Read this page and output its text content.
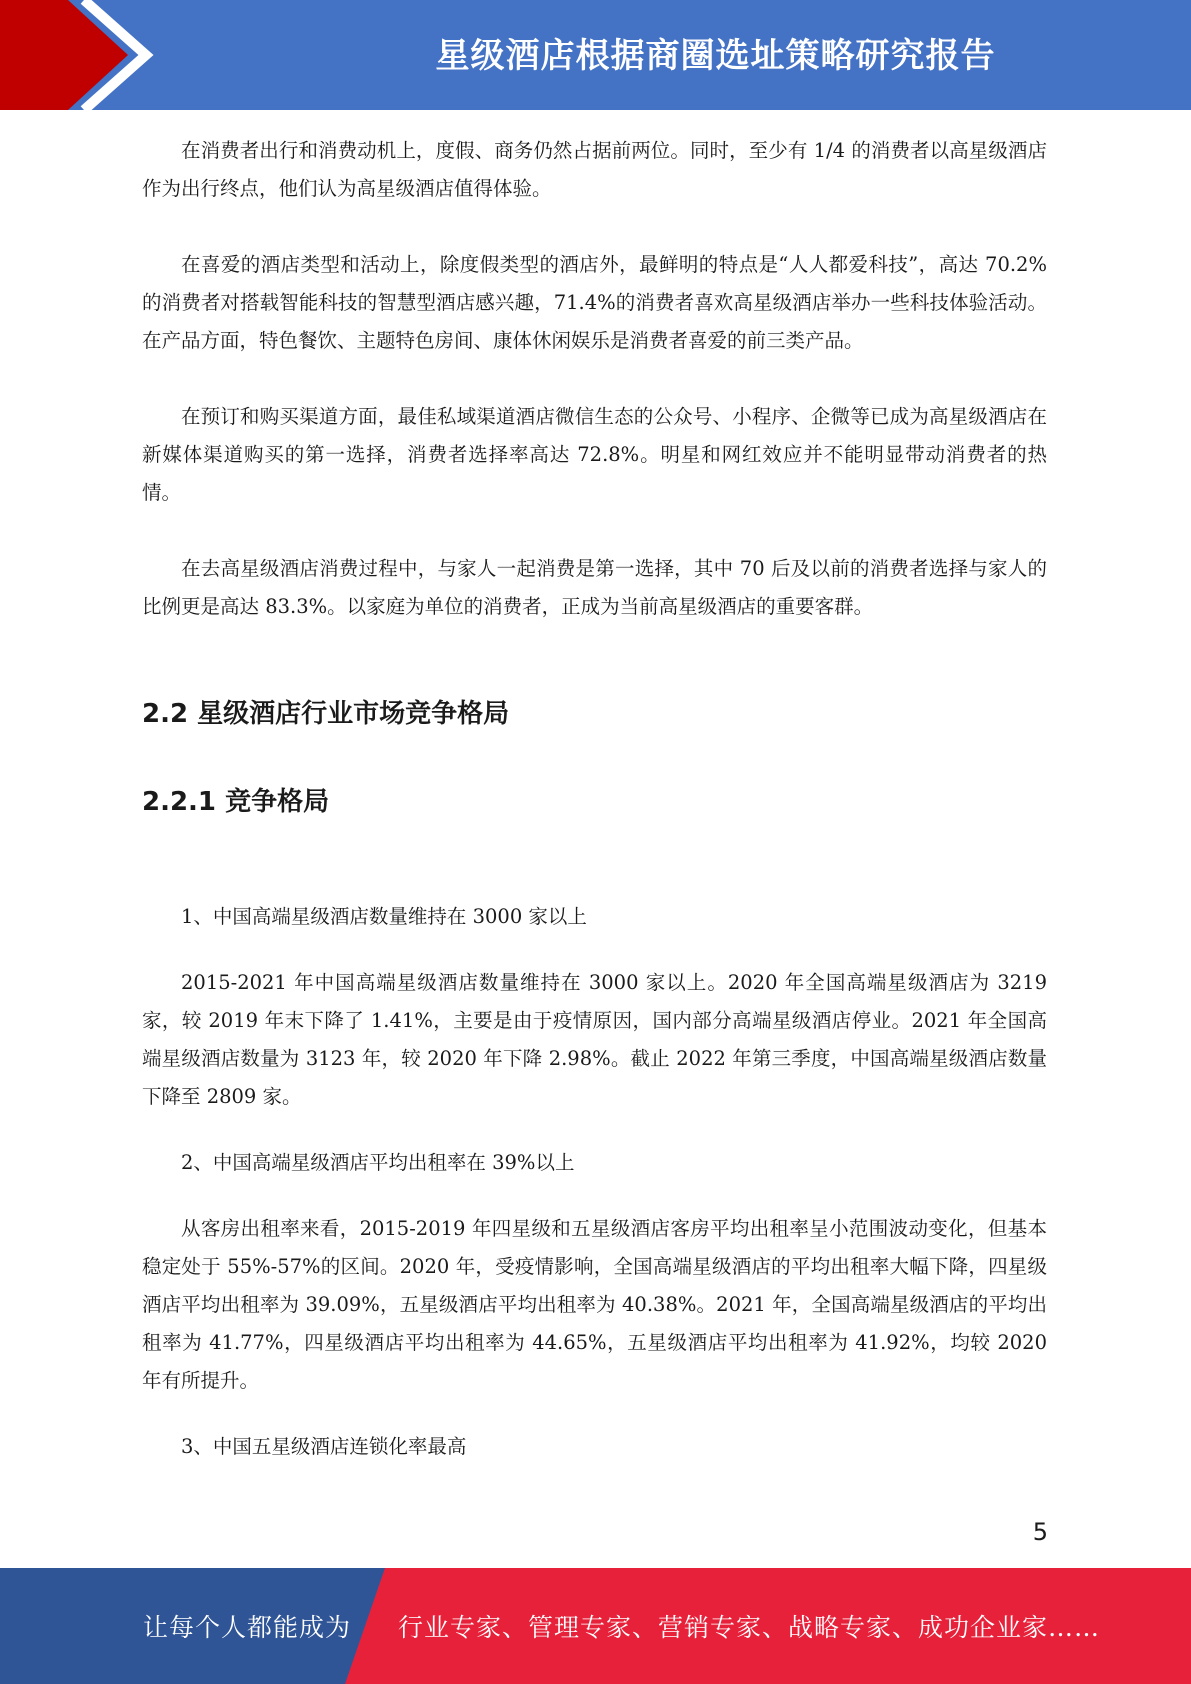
星级酒店根据商圈选址策略研究报告

在消费者出行和消费动机上，度假、商务仍然占据前两位。同时，至少有 1/4 的消费者以高星级酒店作为出行终点，他们认为高星级酒店值得体验。

在喜爱的酒店类型和活动上，除度假类型的酒店外，最鲜明的特点是“人人都爱科技”，高达 70.2%的消费者对搭载智能科技的智慧型酒店感兴趣，71.4%的消费者喜欢高星级酒店举办一些科技体验活动。在产品方面，特色餐饮、主题特色房间、康体休闲娱乐是消费者喜爱的前三类产品。

在预订和购买渠道方面，最佳私域渠道酒店微信生态的公众号、小程序、企微等已成为高星级酒店在新媒体渠道购买的第一选择，消费者选择率高达 72.8%。明星和网红效应并不能明显带动消费者的热情。

在去高星级酒店消费过程中，与家人一起消费是第一选择，其中 70 后及以前的消费者选择与家人的比例更是高达 83.3%。以家庭为单位的消费者，正成为当前高星级酒店的重要客群。

2.2 星级酒店行业市场竞争格局
2.2.1 竞争格局
1、中国高端星级酒店数量维持在 3000 家以上

2015-2021 年中国高端星级酒店数量维持在 3000 家以上。2020 年全国高端星级酒店为 3219 家，较 2019 年末下降了 1.41%，主要是由于疫情原因，国内部分高端星级酒店停业。2021 年全国高端星级酒店数量为 3123 年，较 2020 年下降 2.98%。截止 2022 年第三季度，中国高端星级酒店数量下降至 2809 家。

2、中国高端星级酒店平均出租率在 39%以上

从客房出租率来看，2015-2019 年四星级和五星级酒店客房平均出租率呈小范围波动变化，但基本稳定处于 55%-57%的区间。2020 年，受疫情影响，全国高端星级酒店的平均出租率大幅下降，四星级酒店平均出租率为 39.09%，五星级酒店平均出租率为 40.38%。2021 年，全国高端星级酒店的平均出租率为 41.77%，四星级酒店平均出租率为 44.65%，五星级酒店平均出租率为 41.92%，均较 2020 年有所提升。

3、中国五星级酒店连锁化率最高
5
让每个人都能成为 行业专家、管理专家、营销专家、战略专家、成功企业家……
